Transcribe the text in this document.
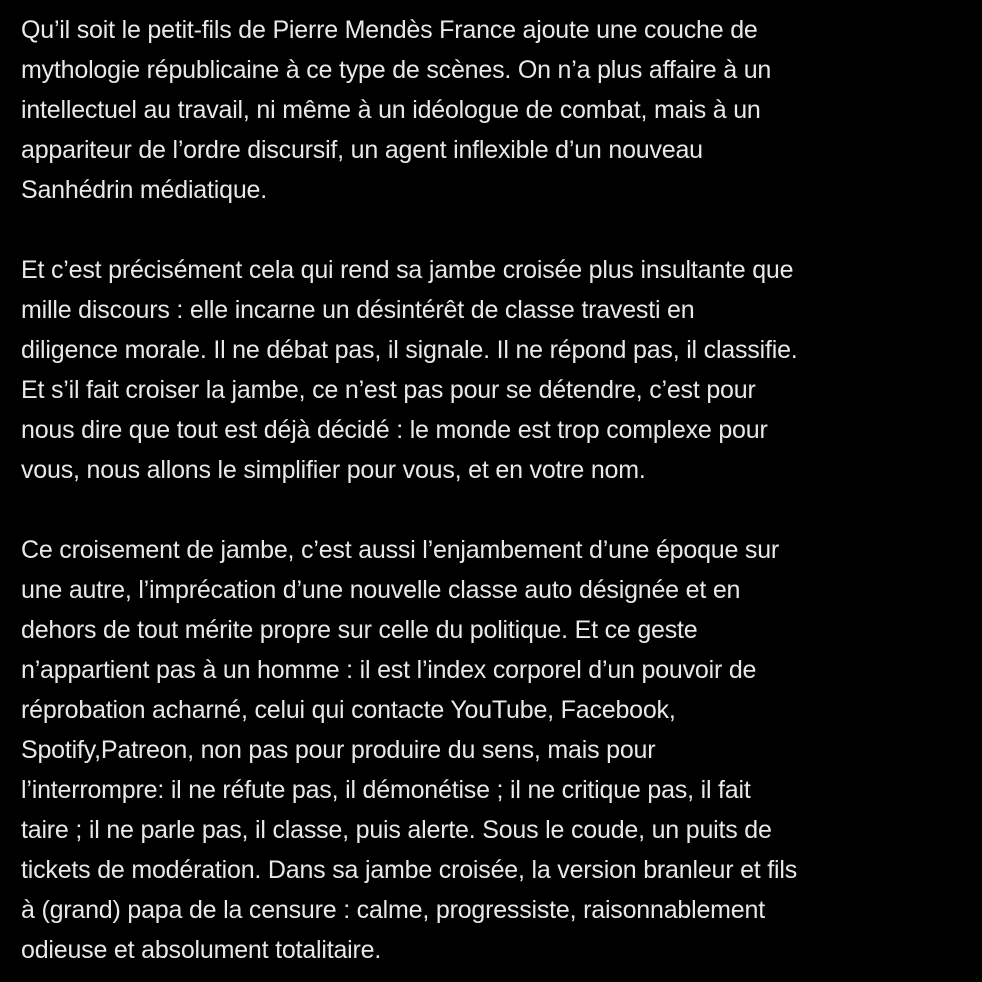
Qu’il soit le petit-fils de Pierre Mendès France ajoute une couche de
mythologie républicaine à ce type de scènes. On n’a plus affaire à un
intellectuel au travail, ni même à un idéologue de combat, mais à un
appariteur de l’ordre discursif, un agent inflexible d’un nouveau
Sanhédrin médiatique.
Et c’est précisément cela qui rend sa jambe croisée plus insultante que
mille discours : elle incarne un désintérêt de classe travesti en
diligence morale. Il ne débat pas, il signale. Il ne répond pas, il classifie.
Et s’il fait croiser la jambe, ce n’est pas pour se détendre, c’est pour
nous dire que tout est déjà décidé : le monde est trop complexe pour
vous, nous allons le simplifier pour vous, et en votre nom.
Ce croisement de jambe, c’est aussi l’enjambement d’une époque sur
une autre, l’imprécation d’une nouvelle classe auto désignée et en
dehors de tout mérite propre sur celle du politique. Et ce geste
n’appartient pas à un homme : il est l’index corporel d’un pouvoir de
réprobation acharné, celui qui contacte YouTube, Facebook,
Spotify,Patreon, non pas pour produire du sens, mais pour
l’interrompre: il ne réfute pas, il démonétise ; il ne critique pas, il fait
taire ; il ne parle pas, il classe, puis alerte. Sous le coude, un puits de
tickets de modération. Dans sa jambe croisée, la version branleur et fils
à (grand) papa de la censure : calme, progressiste, raisonnablement
odieuse et absolument totalitaire.
